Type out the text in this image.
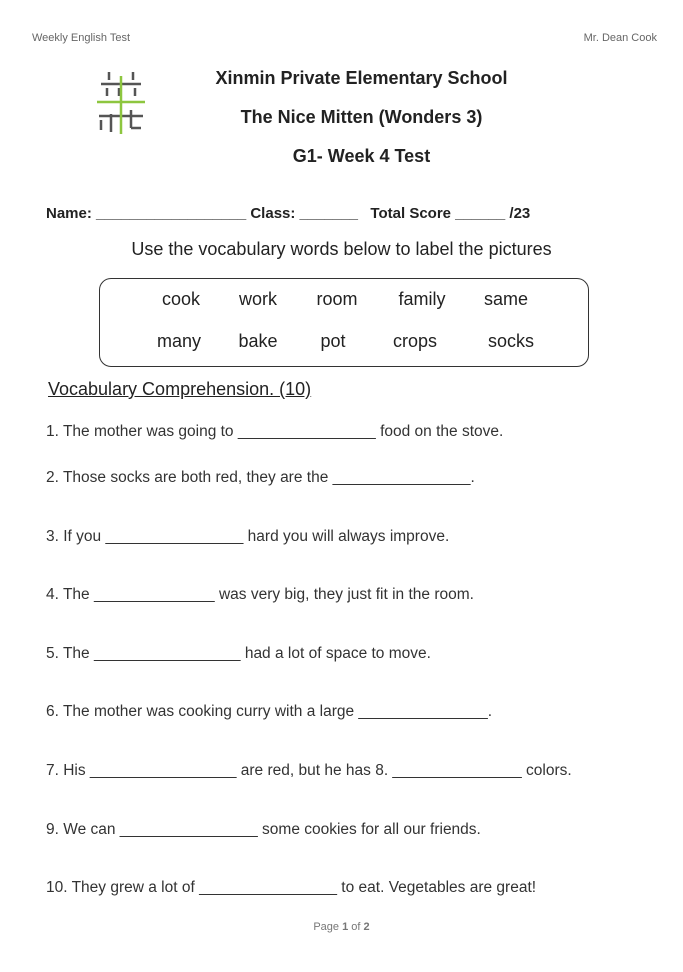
Weekly English Test	Mr. Dean Cook
Xinmin Private Elementary School
The Nice Mitten (Wonders 3)
G1- Week 4 Test
Name: __________________ Class: _______   Total Score ______ /23
Use the vocabulary words below to label the pictures
cook work room family same
many bake pot	crops	socks
Vocabulary Comprehension. (10)
1. The mother was going to ________________ food on the stove.
2. Those socks are both red, they are the ________________.
3. If you ________________ hard you will always improve.
4. The ______________ was very big, they just fit in the room.
5. The _________________ had a lot of space to move.
6. The mother was cooking curry with a large _______________.
7. His _________________ are red, but he has 8. _______________ colors.
9. We can ________________ some cookies for all our friends.
10. They grew a lot of ________________ to eat. Vegetables are great!
Page 1 of 2
